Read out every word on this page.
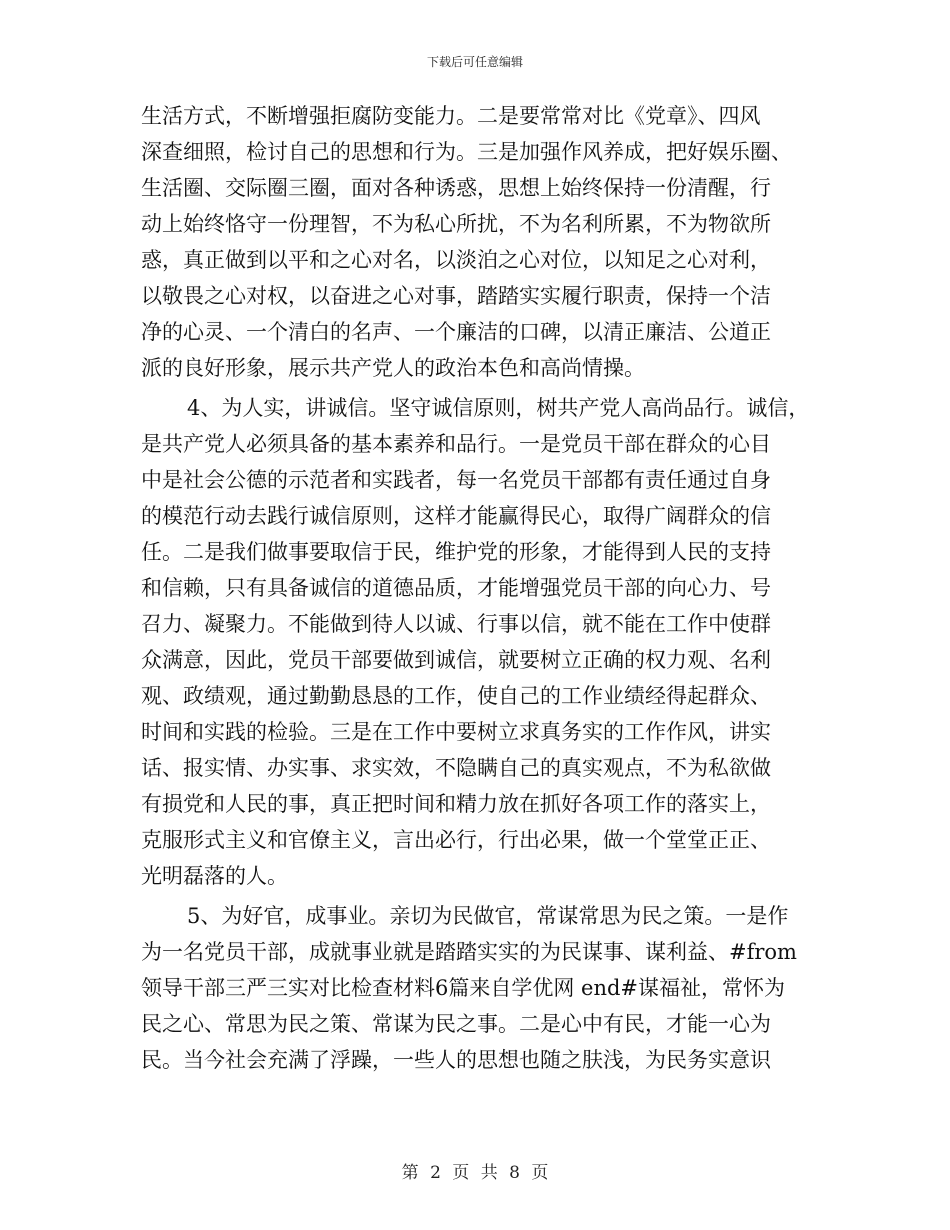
下载后可任意编辑
生活方式，不断增强拒腐防变能力。二是要常常对比《党章》、四风
深查细照，检讨自己的思想和行为。三是加强作风养成，把好娱乐圈、
生活圈、交际圈三圈，面对各种诱惑，思想上始终保持一份清醒，行
动上始终恪守一份理智，不为私心所扰，不为名利所累，不为物欲所
惑，真正做到以平和之心对名，以淡泊之心对位，以知足之心对利，
以敬畏之心对权，以奋进之心对事，踏踏实实履行职责，保持一个洁
净的心灵、一个清白的名声、一个廉洁的口碑，以清正廉洁、公道正
派的良好形象，展示共产党人的政治本色和高尚情操。
4、为人实，讲诚信。坚守诚信原则，树共产党人高尚品行。诚信，
是共产党人必须具备的基本素养和品行。一是党员干部在群众的心目
中是社会公德的示范者和实践者，每一名党员干部都有责任通过自身
的模范行动去践行诚信原则，这样才能赢得民心，取得广阔群众的信
任。二是我们做事要取信于民，维护党的形象，才能得到人民的支持
和信赖，只有具备诚信的道德品质，才能增强党员干部的向心力、号
召力、凝聚力。不能做到待人以诚、行事以信，就不能在工作中使群
众满意，因此，党员干部要做到诚信，就要树立正确的权力观、名利
观、政绩观，通过勤勤恳恳的工作，使自己的工作业绩经得起群众、
时间和实践的检验。三是在工作中要树立求真务实的工作作风，讲实
话、报实情、办实事、求实效，不隐瞒自己的真实观点，不为私欲做
有损党和人民的事，真正把时间和精力放在抓好各项工作的落实上，
克服形式主义和官僚主义，言出必行，行出必果，做一个堂堂正正、
光明磊落的人。
5、为好官，成事业。亲切为民做官，常谋常思为民之策。一是作
为一名党员干部，成就事业就是踏踏实实的为民谋事、谋利益、#from
领导干部三严三实对比检查材料6篇来自学优网 end#谋福祉，常怀为
民之心、常思为民之策、常谋为民之事。二是心中有民，才能一心为
民。当今社会充满了浮躁，一些人的思想也随之肤浅，为民务实意识
第 2 页 共 8 页
